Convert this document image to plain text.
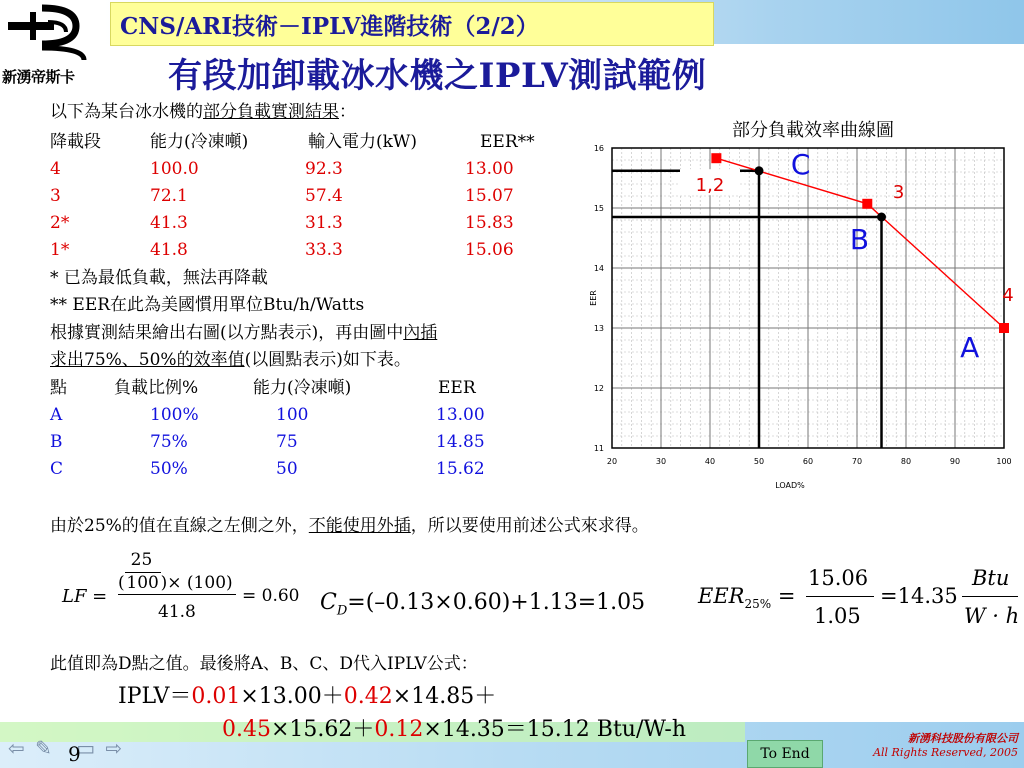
新湧帝斯卡
CNS/ARI技術－IPLV進階技術（2/2）
有段加卸載冰水機之IPLV測試範例
以下為某台冰水機的部分負載實測結果：
降載段	能力(冷凍噸)	輸入電力(kW)	EER**
4	100.0	92.3	13.00
3	72.1	57.4	15.07
2*	41.3	31.3	15.83
1*	41.8	33.3	15.06
* 已為最低負載，無法再降載
** EER在此為美國慣用單位Btu/h/Watts
根據實測結果繪出右圖(以方點表示)，再由圖中內插
求出75%、50%的效率值(以圓點表示)如下表。
點	負載比例%	能力(冷凍噸)	EER
A	100%	100	13.00
B	75%	75	14.85
C	50%	50	15.62
部分負載效率曲線圖
20	30	40	50	60	70	80	90	100
11
12
13
14
15
16
LOAD%
EER
1,2	3
4
C
B
A
由於25%的值在直線之左側之外，不能使用外插，所以要使用前述公式來求得。
LF =
( $\frac{25}{100})\times (100)$
41.8
= 0.60 $C_D=(-0.13\times 0.60)+1.13=1.05$	$EER_{25\%}$ =
15.06
1.05
=14.35
Btu
W · h
此值即為D點之值。最後將A、B、C、D代入IPLV公式：
IPLV＝0.01×13.00＋0.42×14.85＋
0.45×15.62＋0.12×14.35＝15.12 Btu/W-h
⇦ ✎ ▭ ⇨
9	To End
新湧科技股份有限公司
All Rights Reserved, 2005
